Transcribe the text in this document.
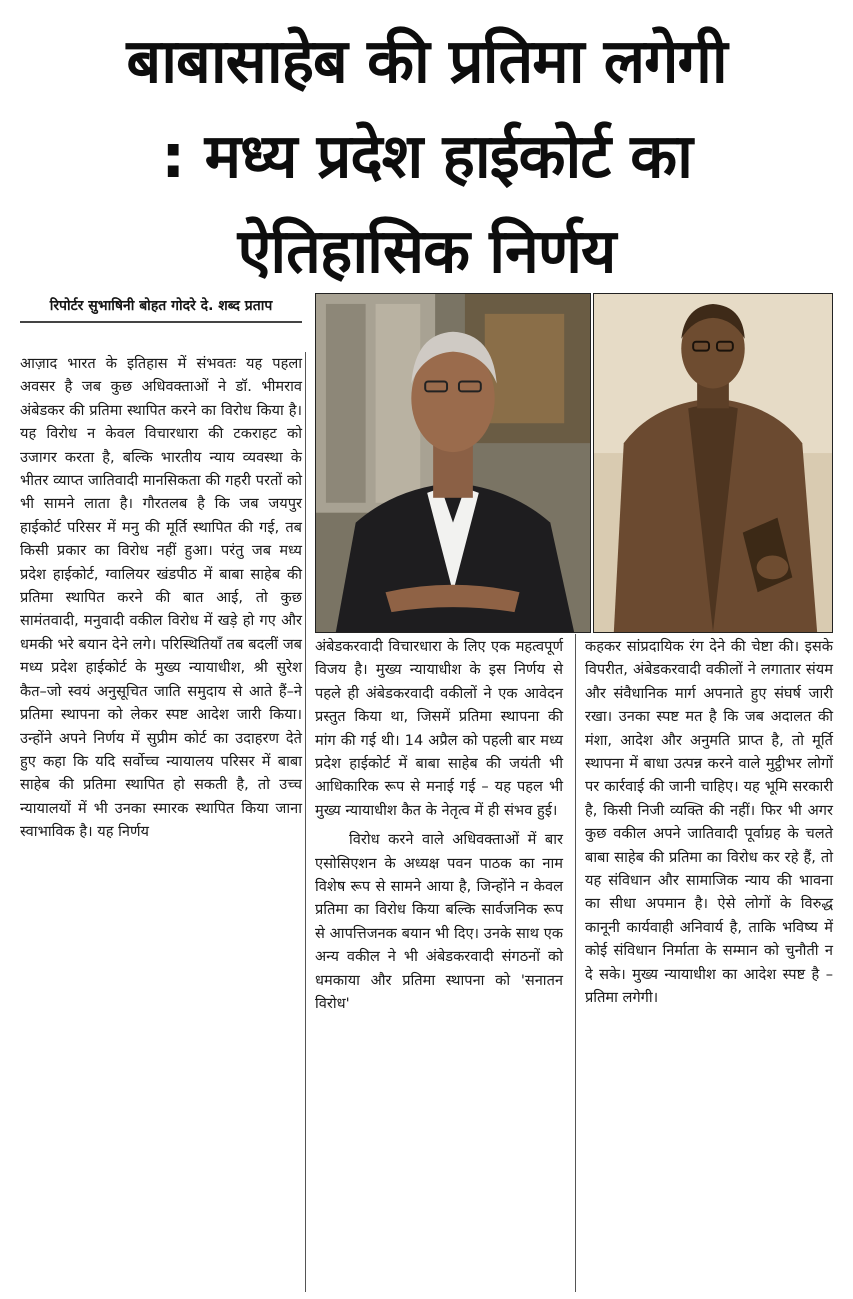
बाबासाहेब की प्रतिमा लगेगी
: मध्य प्रदेश हाईकोर्ट का
ऐतिहासिक निर्णय
रिपोर्टर सुभाषिनी बोहत गोदरे दे. शब्द प्रताप

आज़ाद भारत के इतिहास में संभवतः यह पहला अवसर है जब कुछ अधिवक्ताओं ने डॉ. भीमराव अंबेडकर की प्रतिमा स्थापित करने का विरोध किया है। यह विरोध न केवल विचारधारा की टकराहट को उजागर करता है, बल्कि भारतीय न्याय व्यवस्था के भीतर व्याप्त जातिवादी मानसिकता की गहरी परतों को भी सामने लाता है। गौरतलब है कि जब जयपुर हाईकोर्ट परिसर में मनु की मूर्ति स्थापित की गई, तब किसी प्रकार का विरोध नहीं हुआ। परंतु जब मध्य प्रदेश हाईकोर्ट, ग्वालियर खंडपीठ में बाबा साहेब की प्रतिमा स्थापित करने की बात आई, तो कुछ सामंतवादी, मनुवादी वकील विरोध में खड़े हो गए और धमकी भरे बयान देने लगे। परिस्थितियाँ तब बदलीं जब मध्य प्रदेश हाईकोर्ट के मुख्य न्यायाधीश, श्री सुरेश कैत–जो स्वयं अनुसूचित जाति समुदाय से आते हैं–ने प्रतिमा स्थापना को लेकर स्पष्ट आदेश जारी किया। उन्होंने अपने निर्णय में सुप्रीम कोर्ट का उदाहरण देते हुए कहा कि यदि सर्वोच्च न्यायालय परिसर में बाबा साहेब की प्रतिमा स्थापित हो सकती है, तो उच्च न्यायालयों में भी उनका स्मारक स्थापित किया जाना स्वाभाविक है। यह निर्णय

अंबेडकरवादी विचारधारा के लिए एक महत्वपूर्ण विजय है। मुख्य न्यायाधीश के इस निर्णय से पहले ही अंबेडकरवादी वकीलों ने एक आवेदन प्रस्तुत किया था, जिसमें प्रतिमा स्थापना की मांग की गई थी। 14 अप्रैल को पहली बार मध्य प्रदेश हाईकोर्ट में बाबा साहेब की जयंती भी आधिकारिक रूप से मनाई गई – यह पहल भी मुख्य न्यायाधीश कैत के नेतृत्व में ही संभव हुई।

विरोध करने वाले अधिवक्ताओं में बार एसोसिएशन के अध्यक्ष पवन पाठक का नाम विशेष रूप से सामने आया है, जिन्होंने न केवल प्रतिमा का विरोध किया बल्कि सार्वजनिक रूप से आपत्तिजनक बयान भी दिए। उनके साथ एक अन्य वकील ने भी अंबेडकरवादी संगठनों को धमकाया और प्रतिमा स्थापना को 'सनातन विरोध'

कहकर सांप्रदायिक रंग देने की चेष्टा की। इसके विपरीत, अंबेडकरवादी वकीलों ने लगातार संयम और संवैधानिक मार्ग अपनाते हुए संघर्ष जारी रखा। उनका स्पष्ट मत है कि जब अदालत की मंशा, आदेश और अनुमति प्राप्त है, तो मूर्ति स्थापना में बाधा उत्पन्न करने वाले मुट्ठीभर लोगों पर कार्रवाई की जानी चाहिए। यह भूमि सरकारी है, किसी निजी व्यक्ति की नहीं। फिर भी अगर कुछ वकील अपने जातिवादी पूर्वाग्रह के चलते बाबा साहेब की प्रतिमा का विरोध कर रहे हैं, तो यह संविधान और सामाजिक न्याय की भावना का सीधा अपमान है। ऐसे लोगों के विरुद्ध कानूनी कार्यवाही अनिवार्य है, ताकि भविष्य में कोई संविधान निर्माता के सम्मान को चुनौती न दे सके। मुख्य न्यायाधीश का आदेश स्पष्ट है – प्रतिमा लगेगी।
